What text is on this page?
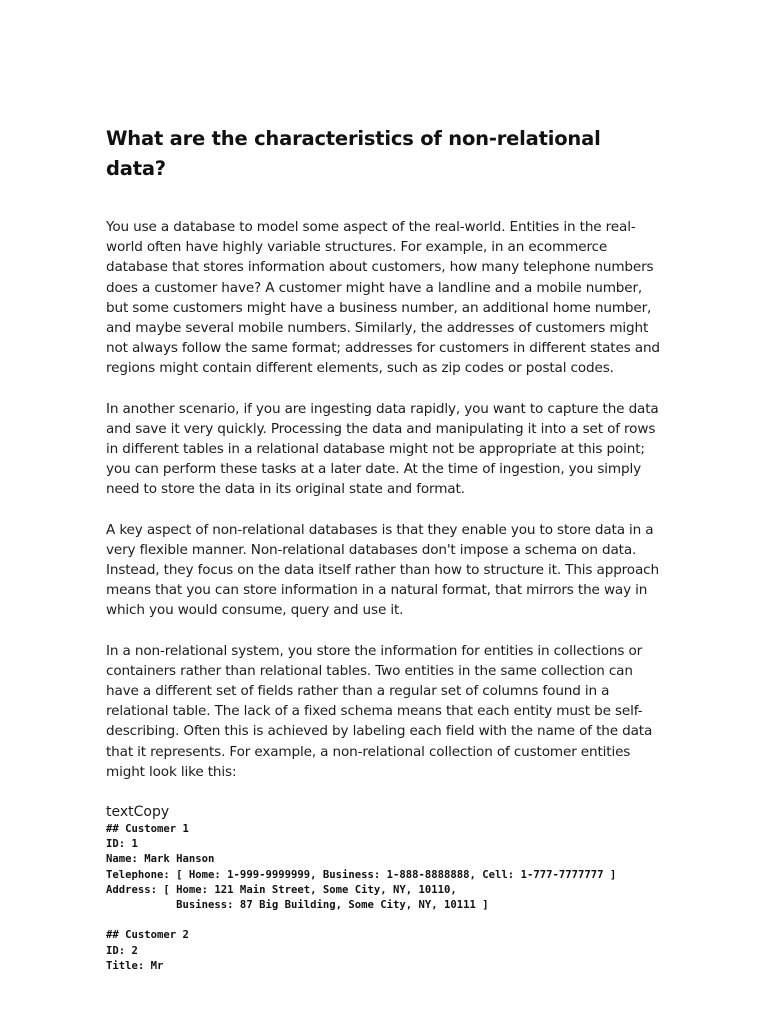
What are the characteristics of non-relational data?

You use a database to model some aspect of the real-world. Entities in the real-world often have highly variable structures. For example, in an ecommerce database that stores information about customers, how many telephone numbers does a customer have? A customer might have a landline and a mobile number, but some customers might have a business number, an additional home number, and maybe several mobile numbers. Similarly, the addresses of customers might not always follow the same format; addresses for customers in different states and regions might contain different elements, such as zip codes or postal codes.

In another scenario, if you are ingesting data rapidly, you want to capture the data and save it very quickly. Processing the data and manipulating it into a set of rows in different tables in a relational database might not be appropriate at this point; you can perform these tasks at a later date. At the time of ingestion, you simply need to store the data in its original state and format.

A key aspect of non-relational databases is that they enable you to store data in a very flexible manner. Non-relational databases don't impose a schema on data. Instead, they focus on the data itself rather than how to structure it. This approach means that you can store information in a natural format, that mirrors the way in which you would consume, query and use it.

In a non-relational system, you store the information for entities in collections or containers rather than relational tables. Two entities in the same collection can have a different set of fields rather than a regular set of columns found in a relational table. The lack of a fixed schema means that each entity must be self-describing. Often this is achieved by labeling each field with the name of the data that it represents. For example, a non-relational collection of customer entities might look like this:

textCopy
## Customer 1
ID: 1
Name: Mark Hanson
Telephone: [ Home: 1-999-9999999, Business: 1-888-8888888, Cell: 1-777-7777777 ]
Address: [ Home: 121 Main Street, Some City, NY, 10110,
Business: 87 Big Building, Some City, NY, 10111 ]
## Customer 2
ID: 2
Title: Mr
